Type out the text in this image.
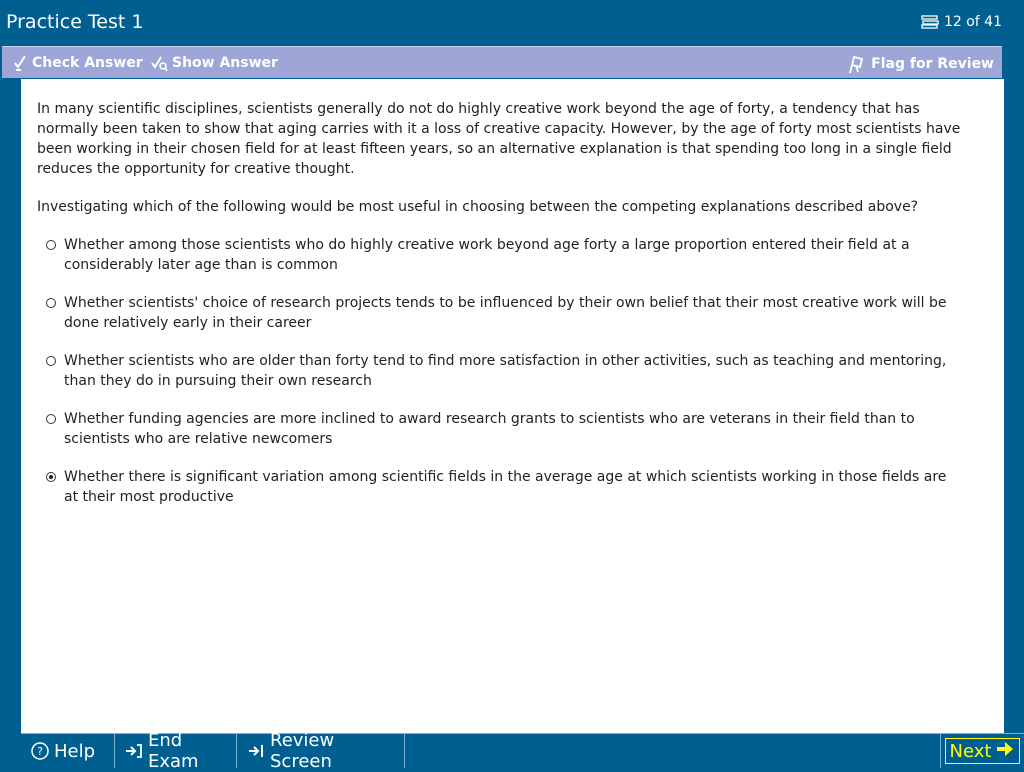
Practice Test 1	12 of 41
Check Answer Show Answer	Flag for Review
In many scientific disciplines, scientists generally do not do highly creative work beyond the age of forty, a tendency that has normally been taken to show that aging carries with it a loss of creative capacity. However, by the age of forty most scientists have been working in their chosen field for at least fifteen years, so an alternative explanation is that spending too long in a single field reduces the opportunity for creative thought.
Investigating which of the following would be most useful in choosing between the competing explanations described above?
Whether among those scientists who do highly creative work beyond age forty a large proportion entered their field at a considerably later age than is common
Whether scientists' choice of research projects tends to be influenced by their own belief that their most creative work will be done relatively early in their career
Whether scientists who are older than forty tend to find more satisfaction in other activities, such as teaching and mentoring, than they do in pursuing their own research
Whether funding agencies are more inclined to award research grants to scientists who are veterans in their field than to scientists who are relative newcomers
Whether there is significant variation among scientific fields in the average age at which scientists working in those fields are at their most productive
? Help	End Exam
Review Screen	Next
